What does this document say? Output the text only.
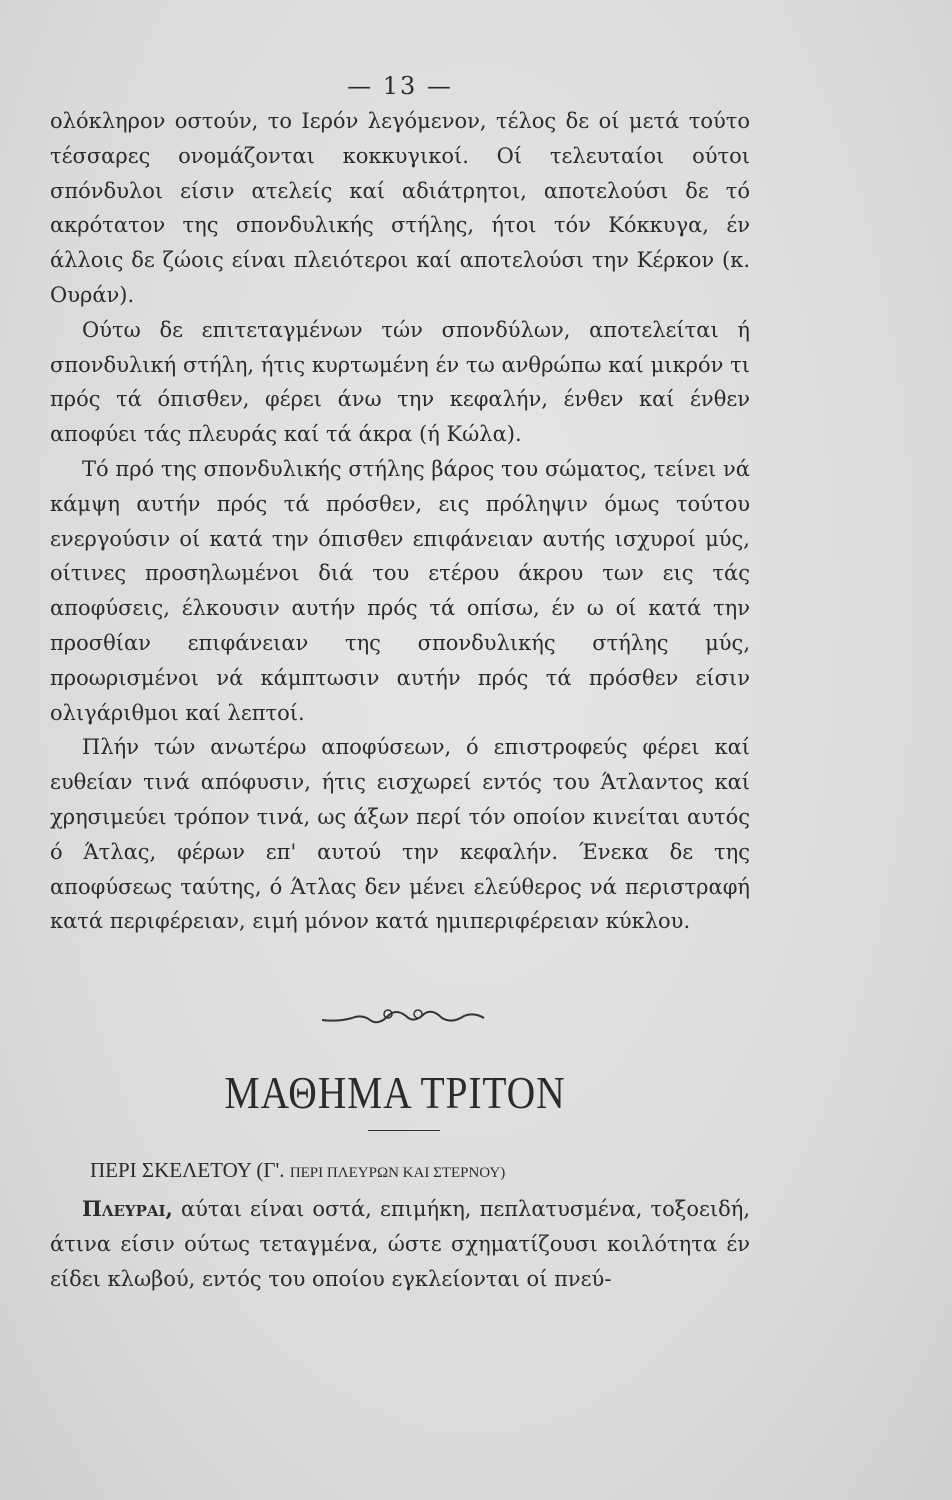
— 13 —

ολόκληρον οστούν, το Ιερόν λεγόμενον, τέλος δε οί μετά τούτο τέσσαρες ονομάζονται κοκκυγικοί. Οί τελευταίοι ούτοι σπόνδυλοι είσιν ατελείς καί αδιάτρητοι, αποτελούσι δε τό ακρότατον της σπονδυλικής στήλης, ήτοι τόν Κόκκυγα, έν άλλοις δε ζώοις είναι πλειότεροι καί αποτελούσι την Κέρκον (κ. Ουράν).

Ούτω δε επιτεταγμένων τών σπονδύλων, αποτελείται ή σπονδυλική στήλη, ήτις κυρτωμένη έν τω ανθρώπω καί μικρόν τι πρός τά όπισθεν, φέρει άνω την κεφαλήν, ένθεν καί ένθεν αποφύει τάς πλευράς καί τά άκρα (ή Κώλα).

Τό πρό της σπονδυλικής στήλης βάρος του σώματος, τείνει νά κάμψη αυτήν πρός τά πρόσθεν, εις πρόληψιν όμως τούτου ενεργούσιν οί κατά την όπισθεν επιφάνειαν αυτής ισχυροί μύς, οίτινες προσηλωμένοι διά του ετέρου άκρου των εις τάς αποφύσεις, έλκουσιν αυτήν πρός τά οπίσω, έν ω οί κατά την προσθίαν επιφάνειαν της σπονδυλικής στήλης μύς, προωρισμένοι νά κάμπτωσιν αυτήν πρός τά πρόσθεν είσιν ολιγάριθμοι καί λεπτοί.

Πλήν τών ανωτέρω αποφύσεων, ό επιστροφεύς φέρει καί ευθείαν τινά απόφυσιν, ήτις εισχωρεί εντός του Άτλαντος καί χρησιμεύει τρόπον τινά, ως άξων περί τόν οποίον κινείται αυτός ό Άτλας, φέρων επ' αυτού την κεφαλήν. Ένεκα δε της αποφύσεως ταύτης, ό Άτλας δεν μένει ελεύθερος νά περιστραφή κατά περιφέρειαν, ειμή μόνον κατά ημιπεριφέρειαν κύκλου.

ΜΑΘΗΜΑ ΤΡΙΤΟΝ
ΠΕΡΙ ΣΚΕΛΕΤΟΥ (Γ'. ΠΕΡΙ ΠΛΕΥΡΩΝ ΚΑΙ ΣΤΕΡΝΟΥ)

Πλευραι, αύται είναι οστά, επιμήκη, πεπλατυσμένα, τοξοειδή, άτινα είσιν ούτως τεταγμένα, ώστε σχηματίζουσι κοιλότητα έν είδει κλωβού, εντός του οποίου εγκλείονται οί πνεύ-
